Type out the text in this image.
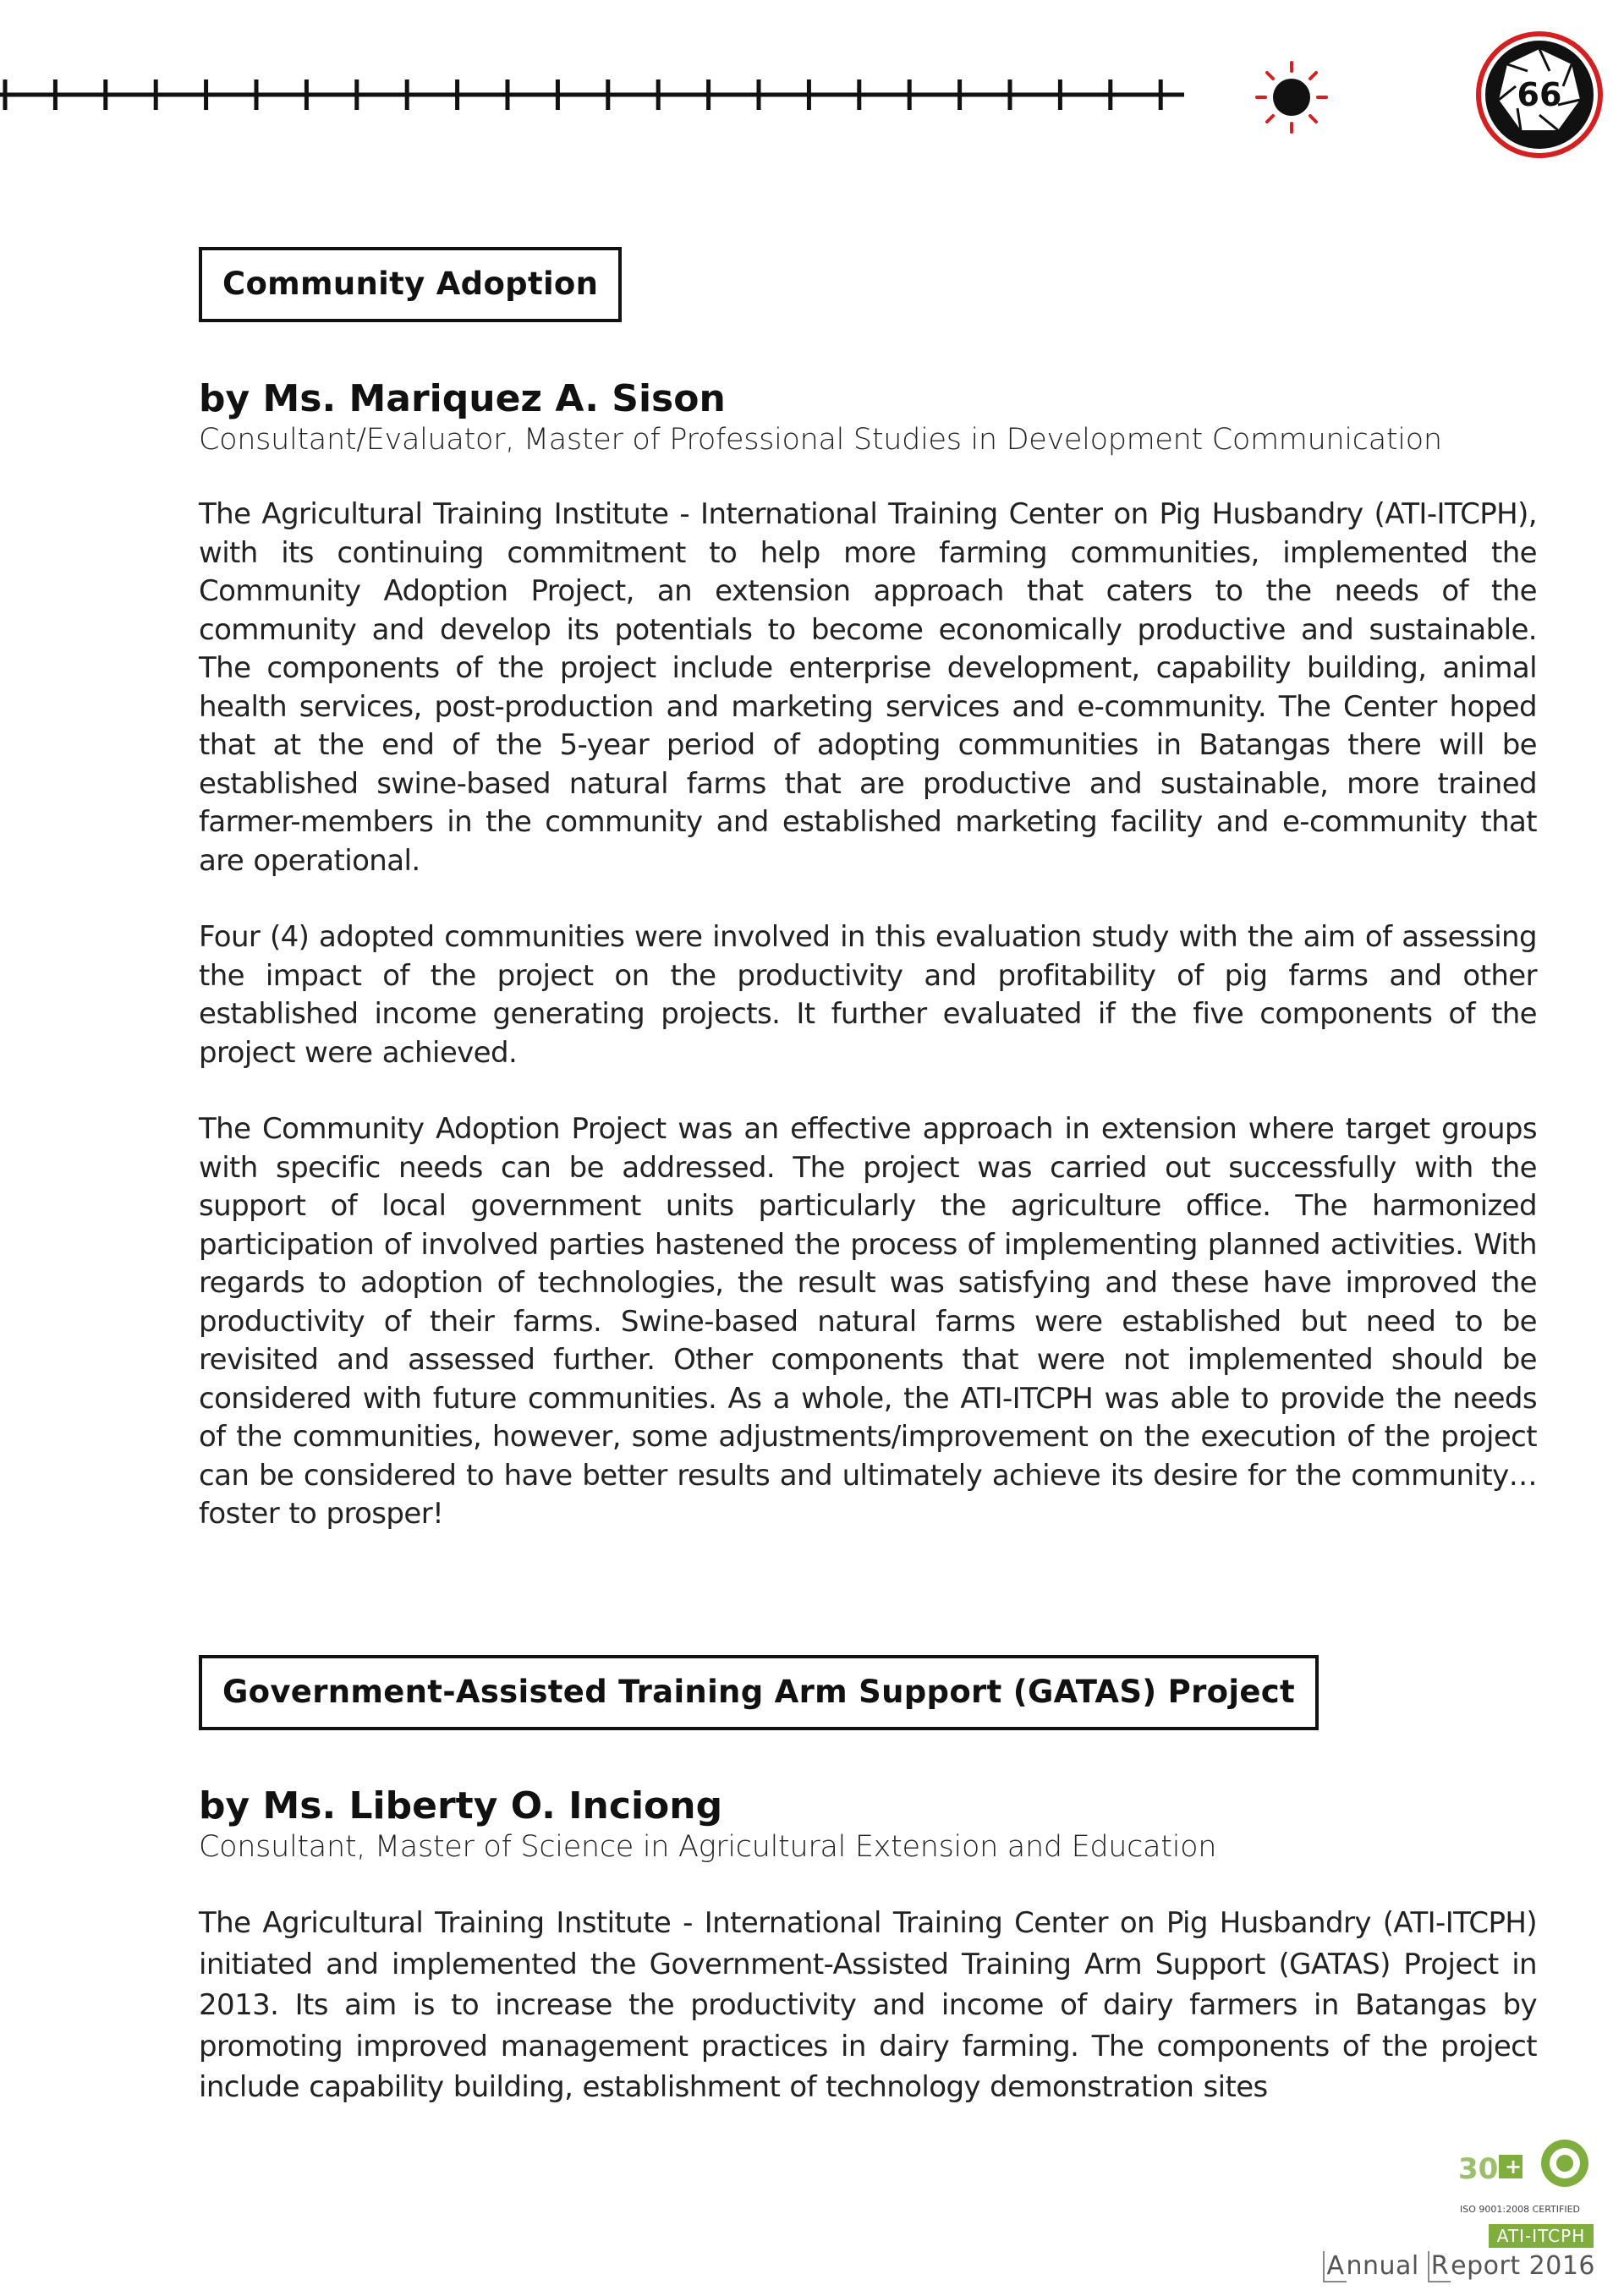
66
Community Adoption

by Ms. Mariquez A. Sison

Consultant/Evaluator, Master of Professional Studies in Development Communication

The Agricultural Training Institute - International Training Center on Pig Husbandry (ATI-ITCPH), with its continuing commitment to help more farming communities, implemented the Community Adoption Project, an extension approach that caters to the needs of the community and develop its potentials to become economically productive and sustainable. The components of the project include enterprise development, capability building, animal health services, post-production and marketing services and e-community. The Center hoped that at the end of the 5-year period of adopting communities in Batangas there will be established swine-based natural farms that are productive and sustainable, more trained farmer-members in the community and established marketing facility and e-community that are operational.

Four (4) adopted communities were involved in this evaluation study with the aim of assessing the impact of the project on the productivity and profitability of pig farms and other established income generating projects. It further evaluated if the five components of the project were achieved.

The Community Adoption Project was an effective approach in extension where target groups with specific needs can be addressed. The project was carried out successfully with the support of local government units particularly the agriculture office. The harmonized participation of involved parties hastened the process of implementing planned activities. With regards to adoption of technologies, the result was satisfying and these have improved the productivity of their farms. Swine-based natural farms were established but need to be revisited and assessed further. Other components that were not implemented should be considered with future communities. As a whole, the ATI-ITCPH was able to provide the needs of the communities, however, some adjustments/improvement on the execution of the project can be considered to have better results and ultimately achieve its desire for the community… foster to prosper!

Government-Assisted Training Arm Support (GATAS) Project

by Ms. Liberty O. Inciong

Consultant, Master of Science in Agricultural Extension and Education

The Agricultural Training Institute - International Training Center on Pig Husbandry (ATI-ITCPH) initiated and implemented the Government-Assisted Training Arm Support (GATAS) Project in 2013. Its aim is to increase the productivity and income of dairy farmers in Batangas by promoting improved management practices in dairy farming. The components of the project include capability building, establishment of technology demonstration sites

30 +
ISO 9001:2008 CERTIFIED
ATI-ITCPH
Annual Report 2016
